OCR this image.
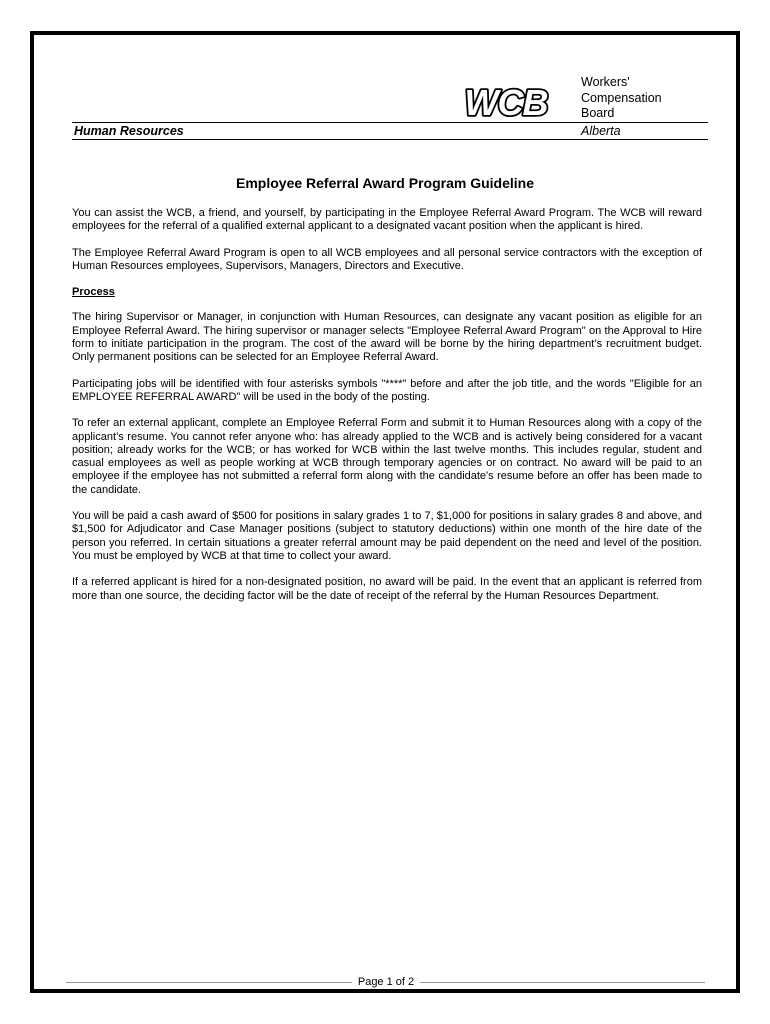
WCB	Workers'
Compensation
Board
Human Resources	Alberta
Employee Referral Award Program Guideline

You can assist the WCB, a friend, and yourself, by participating in the Employee Referral Award Program. The WCB will reward employees for the referral of a qualified external applicant to a designated vacant position when the applicant is hired.

The Employee Referral Award Program is open to all WCB employees and all personal service contractors with the exception of Human Resources employees, Supervisors, Managers, Directors and Executive.

Process

The hiring Supervisor or Manager, in conjunction with Human Resources, can designate any vacant position as eligible for an Employee Referral Award. The hiring supervisor or manager selects "Employee Referral Award Program" on the Approval to Hire form to initiate participation in the program. The cost of the award will be borne by the hiring department’s recruitment budget. Only permanent positions can be selected for an Employee Referral Award.

Participating jobs will be identified with four asterisks symbols "****" before and after the job title, and the words "Eligible for an EMPLOYEE REFERRAL AWARD" will be used in the body of the posting.

To refer an external applicant, complete an Employee Referral Form and submit it to Human Resources along with a copy of the applicant’s resume. You cannot refer anyone who: has already applied to the WCB and is actively being considered for a vacant position; already works for the WCB; or has worked for WCB within the last twelve months. This includes regular, student and casual employees as well as people working at WCB through temporary agencies or on contract. No award will be paid to an employee if the employee has not submitted a referral form along with the candidate's resume before an offer has been made to the candidate.

You will be paid a cash award of $500 for positions in salary grades 1 to 7, $1,000 for positions in salary grades 8 and above, and $1,500 for Adjudicator and Case Manager positions (subject to statutory deductions) within one month of the hire date of the person you referred. In certain situations a greater referral amount may be paid dependent on the need and level of the position. You must be employed by WCB at that time to collect your award.

If a referred applicant is hired for a non-designated position, no award will be paid. In the event that an applicant is referred from more than one source, the deciding factor will be the date of receipt of the referral by the Human Resources Department.

Page 1 of 2
